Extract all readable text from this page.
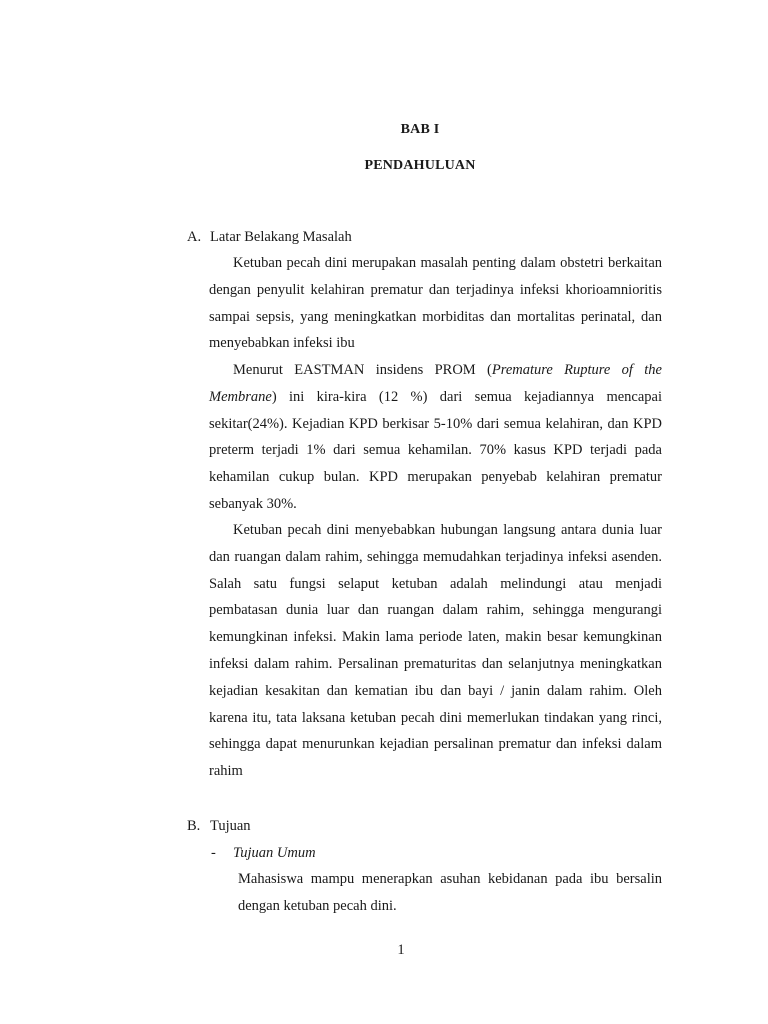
BAB I
PENDAHULUAN
A. Latar Belakang Masalah

Ketuban pecah dini merupakan masalah penting dalam obstetri berkaitan dengan penyulit kelahiran prematur dan terjadinya infeksi khorioamnioritis sampai sepsis, yang meningkatkan morbiditas dan mortalitas perinatal, dan menyebabkan infeksi ibu

Menurut EASTMAN insidens PROM (Premature Rupture of the Membrane) ini kira-kira (12 %) dari semua kejadiannya mencapai sekitar(24%). Kejadian KPD berkisar 5-10% dari semua kelahiran, dan KPD preterm terjadi 1% dari semua kehamilan. 70% kasus KPD terjadi pada kehamilan cukup bulan. KPD merupakan penyebab kelahiran prematur sebanyak 30%.

Ketuban pecah dini menyebabkan hubungan langsung antara dunia luar dan ruangan dalam rahim, sehingga memudahkan terjadinya infeksi asenden. Salah satu fungsi selaput ketuban adalah melindungi atau menjadi pembatasan dunia luar dan ruangan dalam rahim, sehingga mengurangi kemungkinan infeksi. Makin lama periode laten, makin besar kemungkinan infeksi dalam rahim. Persalinan prematuritas dan selanjutnya meningkatkan kejadian kesakitan dan kematian ibu dan bayi / janin dalam rahim. Oleh karena itu, tata laksana ketuban pecah dini memerlukan tindakan yang rinci, sehingga dapat menurunkan kejadian persalinan prematur dan infeksi dalam rahim

B. Tujuan
- Tujuan Umum

Mahasiswa mampu menerapkan asuhan kebidanan pada ibu bersalin dengan ketuban pecah dini.

1
